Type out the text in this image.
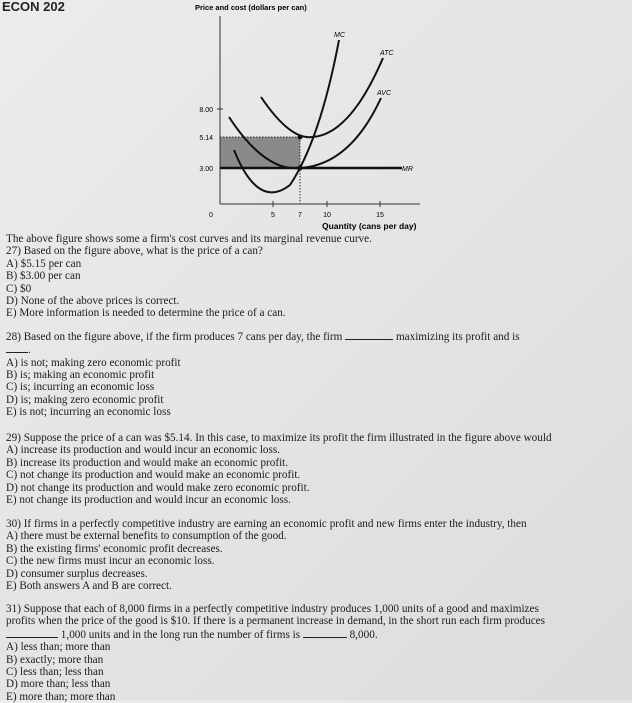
ECON 202	Price and cost (dollars per can)
MC
ATC
AVC
MR
8.00
5.14
3.00
0	5	7	10	15
Quantity (cans per day)
The above figure shows some a firm's cost curves and its marginal revenue curve.
27) Based on the figure above, what is the price of a can?
A) $5.15 per can
B) $3.00 per can
C) $0
D) None of the above prices is correct.
E) More information is needed to determine the price of a can.
28) Based on the figure above, if the firm produces 7 cans per day, the firm	maximizing its profit and is
.
A) is not; making zero economic profit
B) is; making an economic profit
C) is; incurring an economic loss
D) is; making zero economic profit
E) is not; incurring an economic loss
29) Suppose the price of a can was $5.14. In this case, to maximize its profit the firm illustrated in the figure above would
A) increase its production and would incur an economic loss.
B) increase its production and would make an economic profit.
C) not change its production and would make an economic profit.
D) not change its production and would make zero economic profit.
E) not change its production and would incur an economic loss.
30) If firms in a perfectly competitive industry are earning an economic profit and new firms enter the industry, then
A) there must be external benefits to consumption of the good.
B) the existing firms' economic profit decreases.
C) the new firms must incur an economic loss.
D) consumer surplus decreases.
E) Both answers A and B are correct.
31) Suppose that each of 8,000 firms in a perfectly competitive industry produces 1,000 units of a good and maximizes
profits when the price of the good is $10. If there is a permanent increase in demand, in the short run each firm produces
1,000 units and in the long run the number of firms is	8,000.
A) less than; more than
B) exactly; more than
C) less than; less than
D) more than; less than
E) more than; more than
